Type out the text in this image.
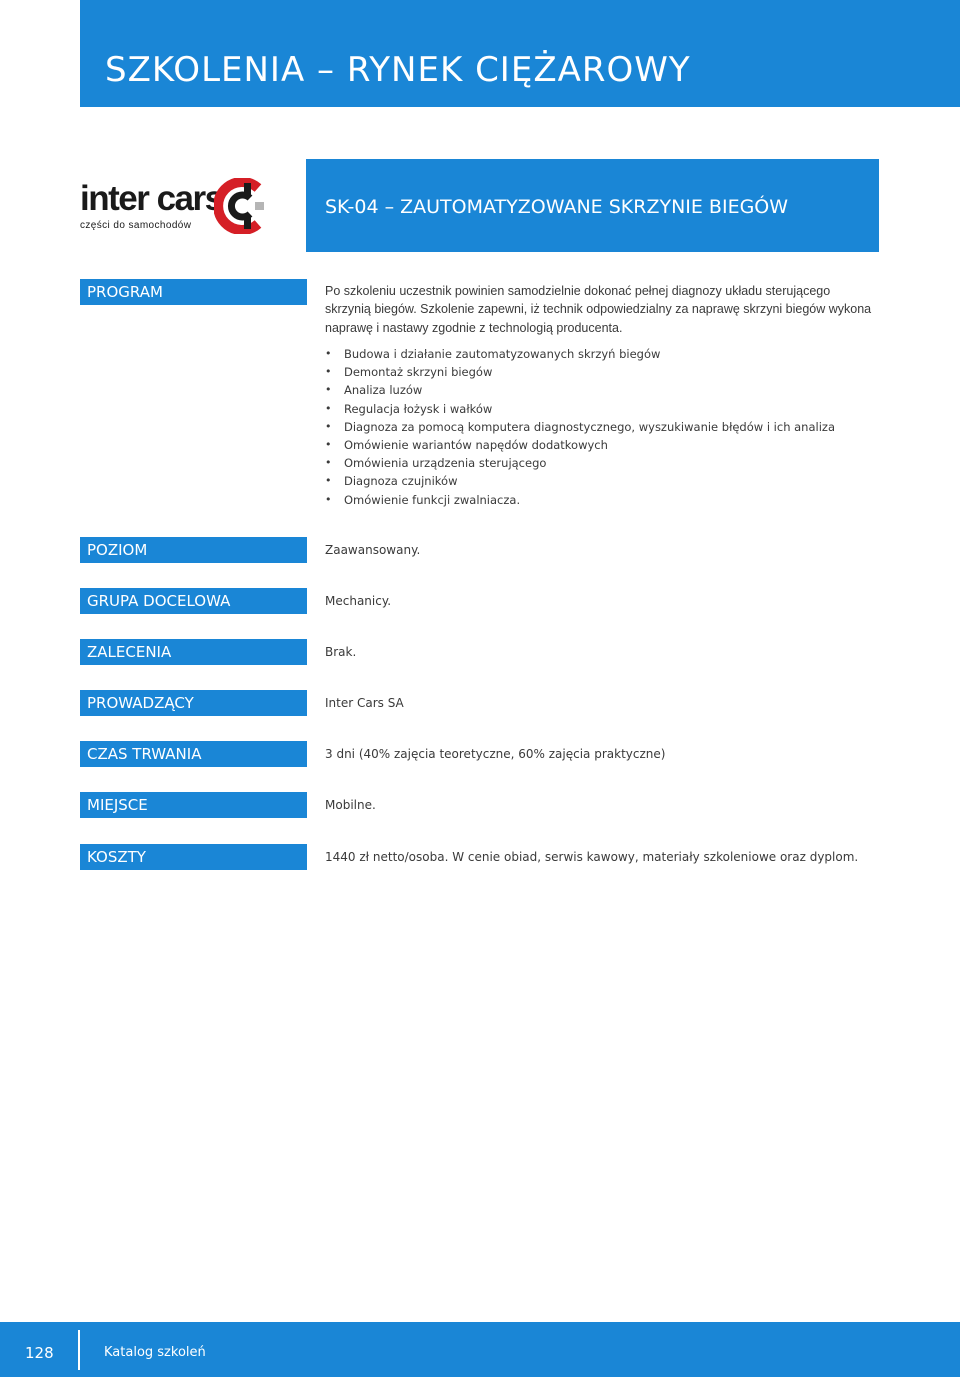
SZKOLENIA – RYNEK CIĘŻAROWY
inter cars
części do samochodów
SK-04 – ZAUTOMATYZOWANE SKRZYNIE BIEGÓW
PROGRAM	Po szkoleniu uczestnik powinien samodzielnie dokonać pełnej diagnozy układu sterującego skrzynią biegów. Szkolenie zapewni, iż technik odpowiedzialny za naprawę skrzyni biegów wykona naprawę i nastawy zgodnie z technologią producenta.

• Budowa i działanie zautomatyzowanych skrzyń biegów
• Demontaż skrzyni biegów
• Analiza luzów
• Regulacja łożysk i wałków
• Diagnoza za pomocą komputera diagnostycznego, wyszukiwanie błędów i ich analiza
• Omówienie wariantów napędów dodatkowych
• Omówienia urządzenia sterującego
• Diagnoza czujników
• Omówienie funkcji zwalniacza.
POZIOM	Zaawansowany.
GRUPA DOCELOWA	Mechanicy.
ZALECENIA	Brak.
PROWADZĄCY	Inter Cars SA
CZAS TRWANIA	3 dni (40% zajęcia teoretyczne, 60% zajęcia praktyczne)
MIEJSCE	Mobilne.
KOSZTY	1440 zł netto/osoba. W cenie obiad, serwis kawowy, materiały szkoleniowe oraz dyplom.
128	Katalog szkoleń
